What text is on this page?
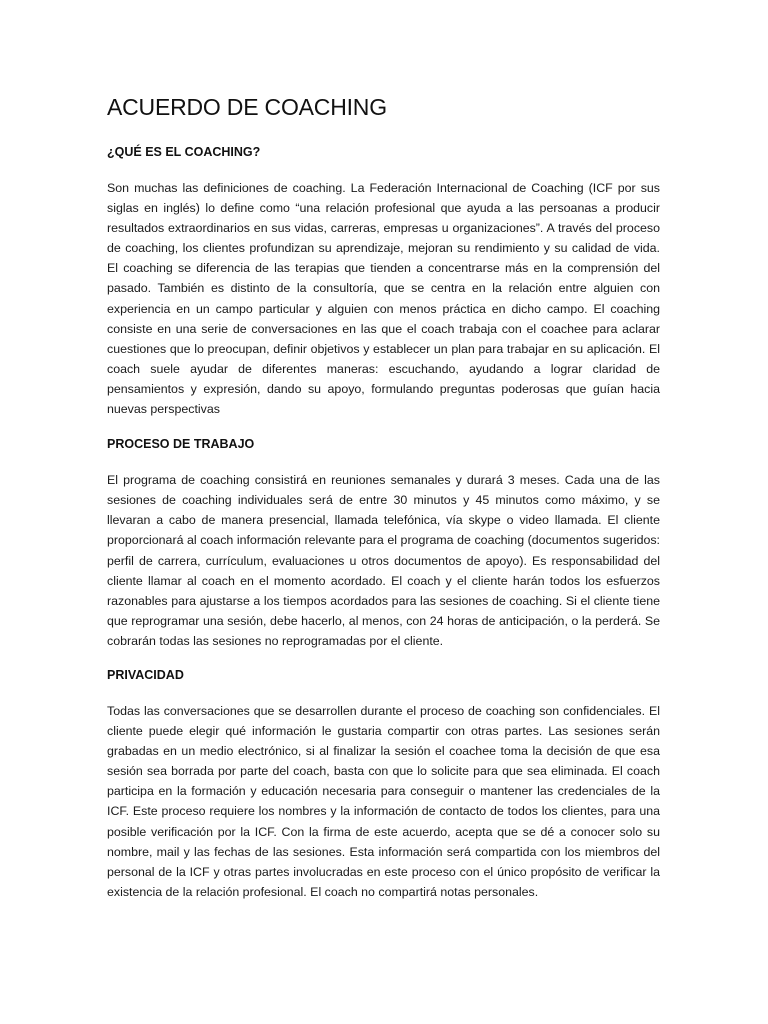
ACUERDO DE COACHING
¿QUÉ ES EL COACHING?

Son muchas las definiciones de coaching. La Federación Internacional de Coaching (ICF por sus siglas en inglés) lo define como “una relación profesional que ayuda a las persoanas a producir resultados extraordinarios en sus vidas, carreras, empresas u organizaciones”. A través del proceso de coaching, los clientes profundizan su aprendizaje, mejoran su rendimiento y su calidad de vida. El coaching se diferencia de las terapias que tienden a concentrarse más en la comprensión del pasado. También es distinto de la consultoría, que se centra en la relación entre alguien con experiencia en un campo particular y alguien con menos práctica en dicho campo. El coaching consiste en una serie de conversaciones en las que el coach trabaja con el coachee para aclarar cuestiones que lo preocupan, definir objetivos y establecer un plan para trabajar en su aplicación. El coach suele ayudar de diferentes maneras: escuchando, ayudando a lograr claridad de pensamientos y expresión, dando su apoyo, formulando preguntas poderosas que guían hacia nuevas perspectivas

PROCESO DE TRABAJO

El programa de coaching consistirá en reuniones semanales y durará 3 meses. Cada una de las sesiones de coaching individuales será de entre 30 minutos y 45 minutos como máximo, y se llevaran a cabo de manera presencial, llamada telefónica, vía skype o video llamada. El cliente proporcionará al coach información relevante para el programa de coaching (documentos sugeridos: perfil de carrera, currículum, evaluaciones u otros documentos de apoyo). Es responsabilidad del cliente llamar al coach en el momento acordado. El coach y el cliente harán todos los esfuerzos razonables para ajustarse a los tiempos acordados para las sesiones de coaching. Si el cliente tiene que reprogramar una sesión, debe hacerlo, al menos, con 24 horas de anticipación, o la perderá. Se cobrarán todas las sesiones no reprogramadas por el cliente.

PRIVACIDAD

Todas las conversaciones que se desarrollen durante el proceso de coaching son confidenciales. El cliente puede elegir qué información le gustaria compartir con otras partes. Las sesiones serán grabadas en un medio electrónico, si al finalizar la sesión el coachee toma la decisión de que esa sesión sea borrada por parte del coach, basta con que lo solicite para que sea eliminada. El coach participa en la formación y educación necesaria para conseguir o mantener las credenciales de la ICF. Este proceso requiere los nombres y la información de contacto de todos los clientes, para una posible verificación por la ICF. Con la firma de este acuerdo, acepta que se dé a conocer solo su nombre, mail y las fechas de las sesiones. Esta información será compartida con los miembros del personal de la ICF y otras partes involucradas en este proceso con el único propósito de verificar la existencia de la relación profesional. El coach no compartirá notas personales.
